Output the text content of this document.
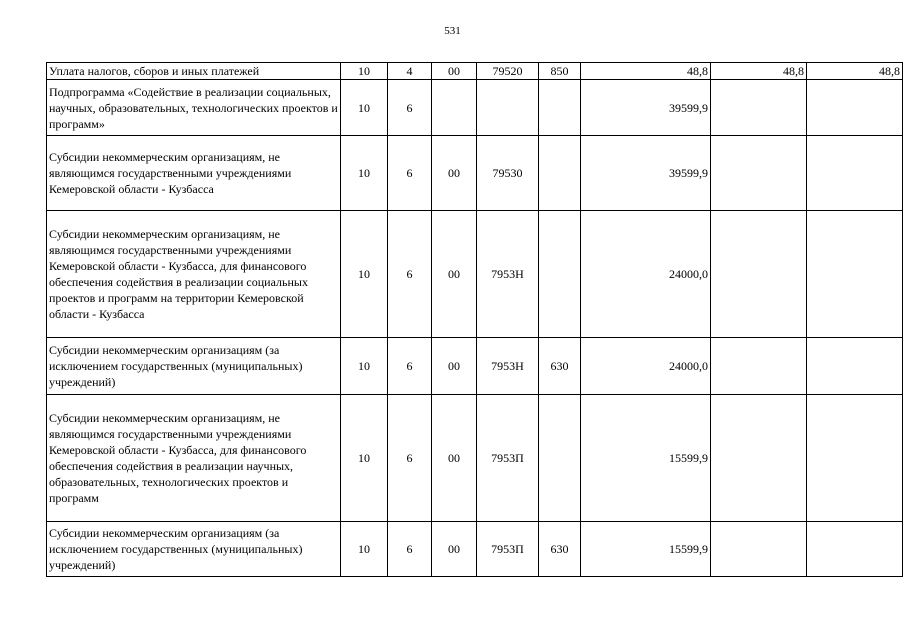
531
Уплата налогов, сборов и иных платежей	10	4	00	79520	850	48,8	48,8	48,8
Подпрограмма «Содействие в реализации социальных, научных, образовательных, технологических проектов и программ»	10	6				39599,9		
Субсидии некоммерческим организациям, не являющимся государственными учреждениями Кемеровской области - Кузбасса	10	6	00	79530		39599,9		
Субсидии некоммерческим организациям, не являющимся государственными учреждениями Кемеровской области - Кузбасса, для финансового обеспечения содействия в реализации социальных проектов и программ на территории Кемеровской области - Кузбасса	10	6	00	7953Н		24000,0		
Субсидии некоммерческим организациям (за исключением государственных (муниципальных) учреждений)	10	6	00	7953Н	630	24000,0		
Субсидии некоммерческим организациям, не являющимся государственными учреждениями Кемеровской области - Кузбасса, для финансового обеспечения содействия в реализации научных, образовательных, технологических проектов и программ	10	6	00	7953П		15599,9		
Субсидии некоммерческим организациям (за исключением государственных (муниципальных) учреждений)	10	6	00	7953П	630	15599,9		
